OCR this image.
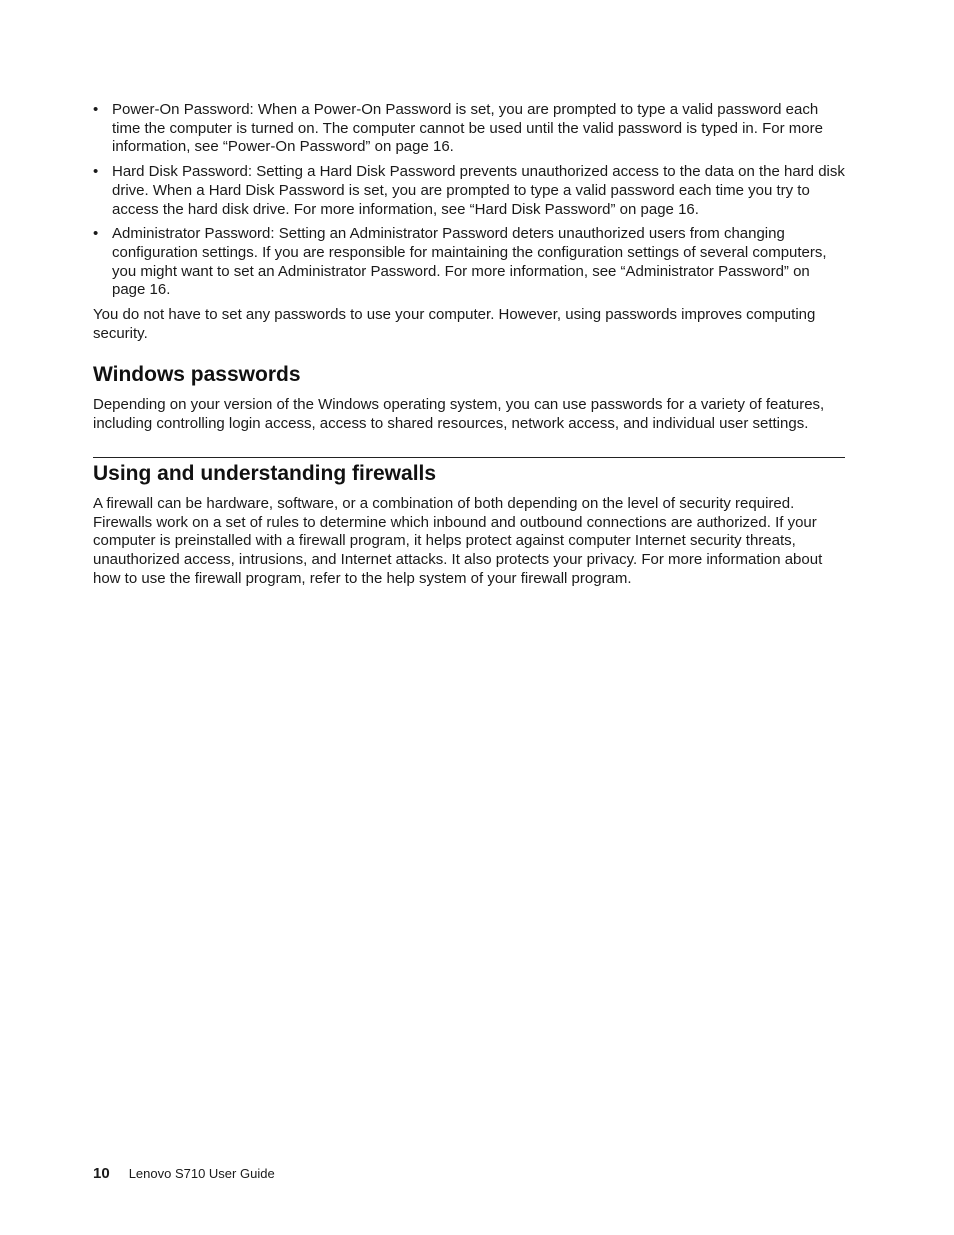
• Power-On Password: When a Power-On Password is set, you are prompted to type a valid password each time the computer is turned on. The computer cannot be used until the valid password is typed in. For more information, see “Power-On Password” on page 16.
• Hard Disk Password: Setting a Hard Disk Password prevents unauthorized access to the data on the hard disk drive. When a Hard Disk Password is set, you are prompted to type a valid password each time you try to access the hard disk drive. For more information, see “Hard Disk Password” on page 16.
• Administrator Password: Setting an Administrator Password deters unauthorized users from changing configuration settings. If you are responsible for maintaining the configuration settings of several computers, you might want to set an Administrator Password. For more information, see “Administrator Password” on page 16.

You do not have to set any passwords to use your computer. However, using passwords improves computing security.

Windows passwords

Depending on your version of the Windows operating system, you can use passwords for a variety of features, including controlling login access, access to shared resources, network access, and individual user settings.

Using and understanding firewalls

A firewall can be hardware, software, or a combination of both depending on the level of security required. Firewalls work on a set of rules to determine which inbound and outbound connections are authorized. If your computer is preinstalled with a firewall program, it helps protect against computer Internet security threats, unauthorized access, intrusions, and Internet attacks. It also protects your privacy. For more information about how to use the firewall program, refer to the help system of your firewall program.

10 Lenovo S710 User Guide
